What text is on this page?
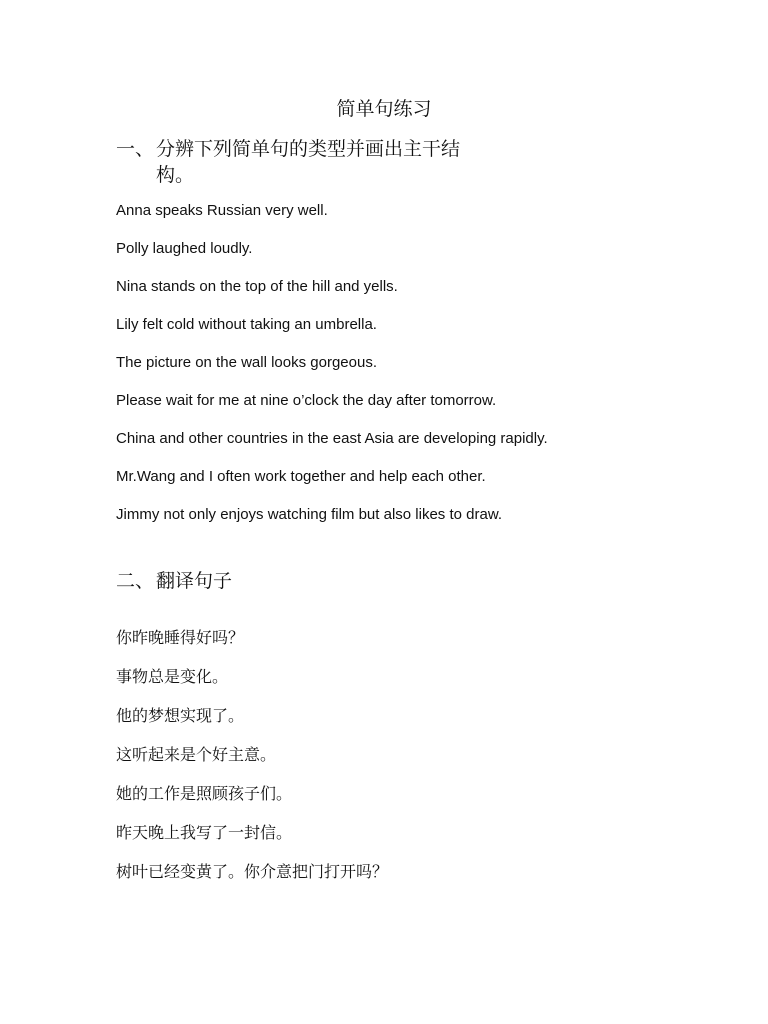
简单句练习
一、 分辨下列简单句的类型并画出主干结
构。
Anna speaks Russian very well.
Polly laughed loudly.
Nina stands on the top of the hill and yells.
Lily felt cold without taking an umbrella.
The picture on the wall looks gorgeous.
Please wait for me at nine o’clock the day after tomorrow.
China and other countries in the east Asia are developing rapidly.
Mr.Wang and I often work together and help each other.
Jimmy not only enjoys watching film but also likes to draw.
二、 翻译句子
你昨晚睡得好吗？
事物总是变化。
他的梦想实现了。
这听起来是个好主意。
她的工作是照顾孩子们。
昨天晚上我写了一封信。
树叶已经变黄了。你介意把门打开吗？
